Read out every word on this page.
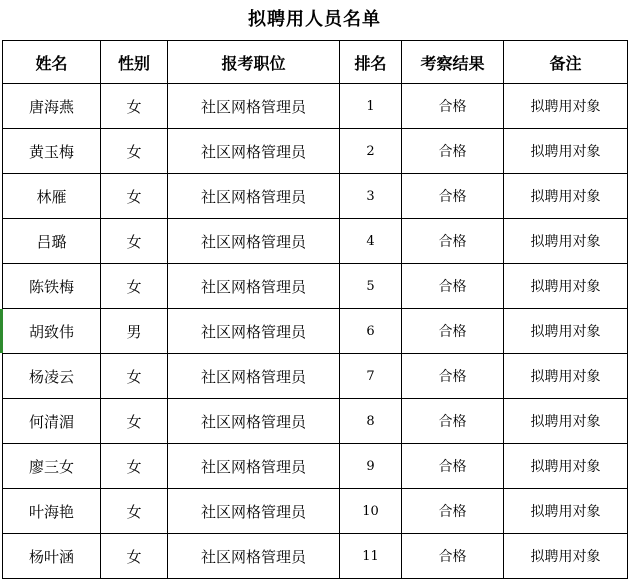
拟聘用人员名单
姓名	性别	报考职位	排名	考察结果	备注
唐海燕	女	社区网格管理员	1	合格	拟聘用对象
黄玉梅	女	社区网格管理员	2	合格	拟聘用对象
林雁	女	社区网格管理员	3	合格	拟聘用对象
吕璐	女	社区网格管理员	4	合格	拟聘用对象
陈铁梅	女	社区网格管理员	5	合格	拟聘用对象
胡致伟	男	社区网格管理员	6	合格	拟聘用对象
杨凌云	女	社区网格管理员	7	合格	拟聘用对象
何清湄	女	社区网格管理员	8	合格	拟聘用对象
廖三女	女	社区网格管理员	9	合格	拟聘用对象
叶海艳	女	社区网格管理员	10	合格	拟聘用对象
杨叶涵	女	社区网格管理员	11	合格	拟聘用对象
